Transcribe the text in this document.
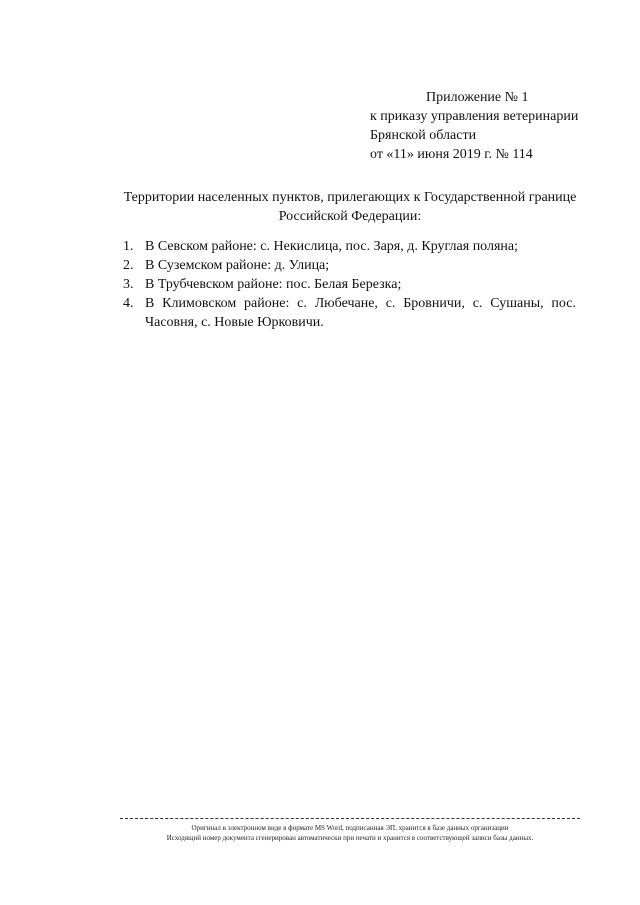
Приложение № 1
к приказу управления ветеринарии
Брянской области
от «11» июня 2019 г. № 114
Территории населенных пунктов, прилегающих к Государственной границе
Российской Федерации:
1. В Севском районе: с. Некислица, пос. Заря, д. Круглая поляна;
2. В Суземском районе: д. Улица;
3. В Трубчевском районе: пос. Белая Березка;
4. В Климовском районе: с. Любечане, с. Бровничи, с. Сушаны, пос. Часовня, с. Новые Юрковичи.
Оригинал в электронном виде в формате MS Word, подписанная ЭП, хранится в базе данных организации
Исходящий номер документа сгенерирован автоматически при печати и хранится в соответствующей записи базы данных.
